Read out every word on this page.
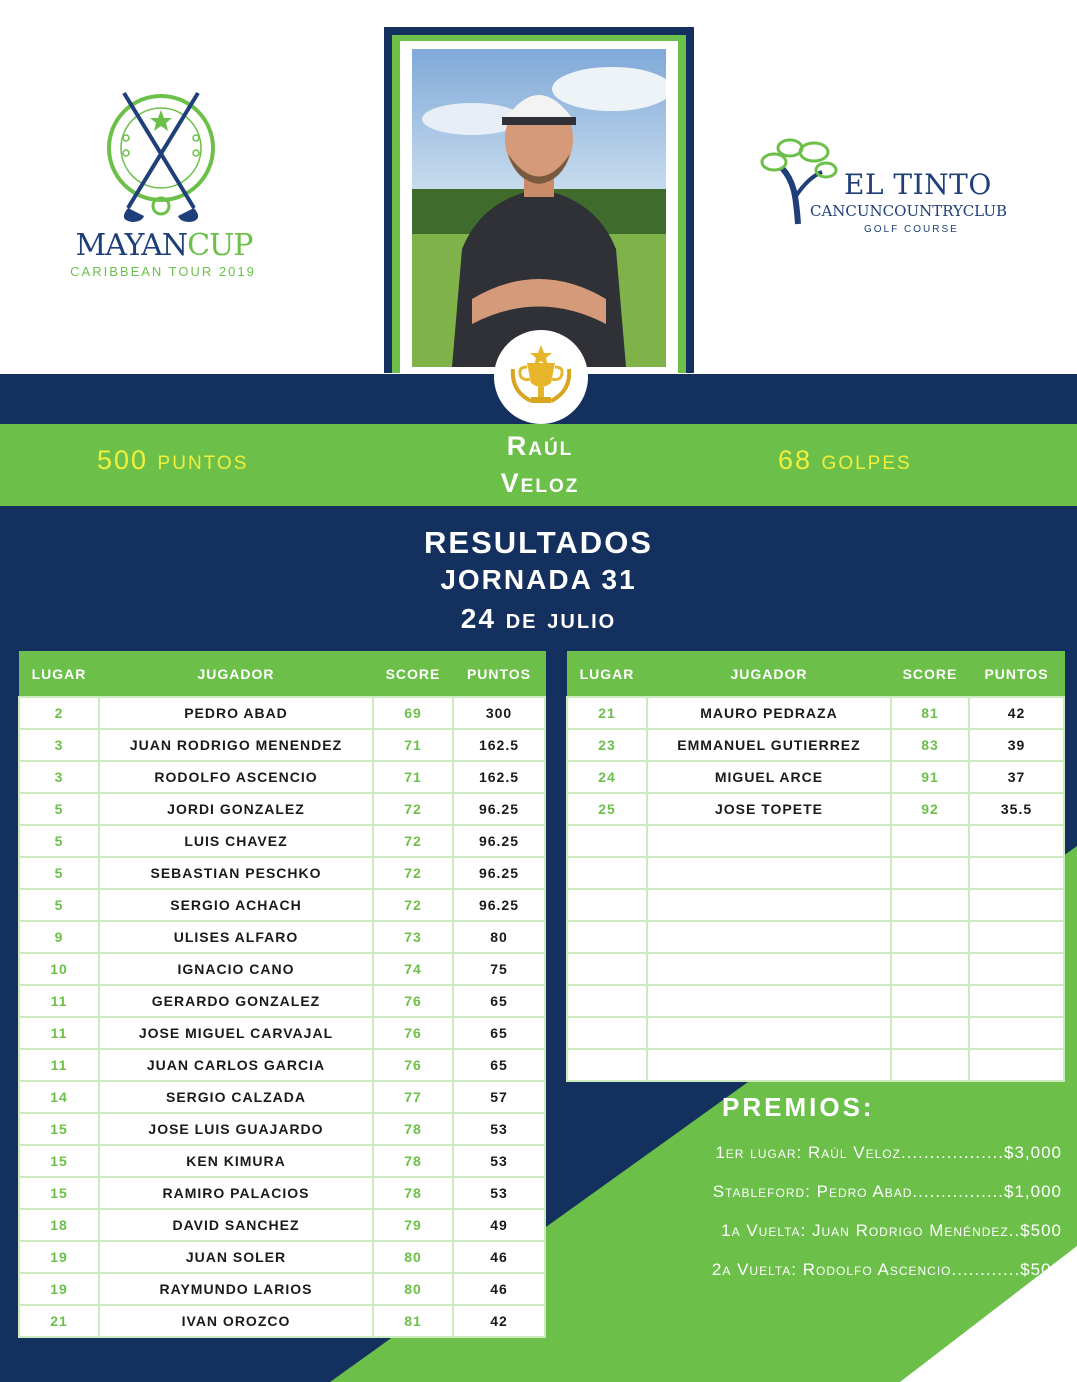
MAYANCUP
CARIBBEAN TOUR 2019
EL TINTO
CANCUNCOUNTRYCLUB
GOLF COURSE
500 puntos	Raúl
Veloz
68 golpes
RESULTADOS
JORNADA 31
24 de julio
LUGAR	JUGADOR	SCORE	PUNTOS
2	PEDRO ABAD	69	300
3	JUAN RODRIGO MENENDEZ	71	162.5
3	RODOLFO ASCENCIO	71	162.5
5	JORDI GONZALEZ	72	96.25
5	LUIS CHAVEZ	72	96.25
5	SEBASTIAN PESCHKO	72	96.25
5	SERGIO ACHACH	72	96.25
9	ULISES ALFARO	73	80
10	IGNACIO CANO	74	75
11	GERARDO GONZALEZ	76	65
11	JOSE MIGUEL CARVAJAL	76	65
11	JUAN CARLOS GARCIA	76	65
14	SERGIO CALZADA	77	57
15	JOSE LUIS GUAJARDO	78	53
15	KEN KIMURA	78	53
15	RAMIRO PALACIOS	78	53
18	DAVID SANCHEZ	79	49
19	JUAN SOLER	80	46
19	RAYMUNDO LARIOS	80	46
21	IVAN OROZCO	81	42
LUGAR	JUGADOR	SCORE	PUNTOS
21	MAURO PEDRAZA	81	42
23	EMMANUEL GUTIERREZ	83	39
24	MIGUEL ARCE	91	37
25	JOSE TOPETE	92	35.5

PREMIOS:
1er lugar: Raúl Veloz..................$3,000
Stableford: Pedro Abad................$1,000
1a Vuelta: Juan Rodrigo Menéndez..$500
2a Vuelta: Rodolfo Ascencio............$500
